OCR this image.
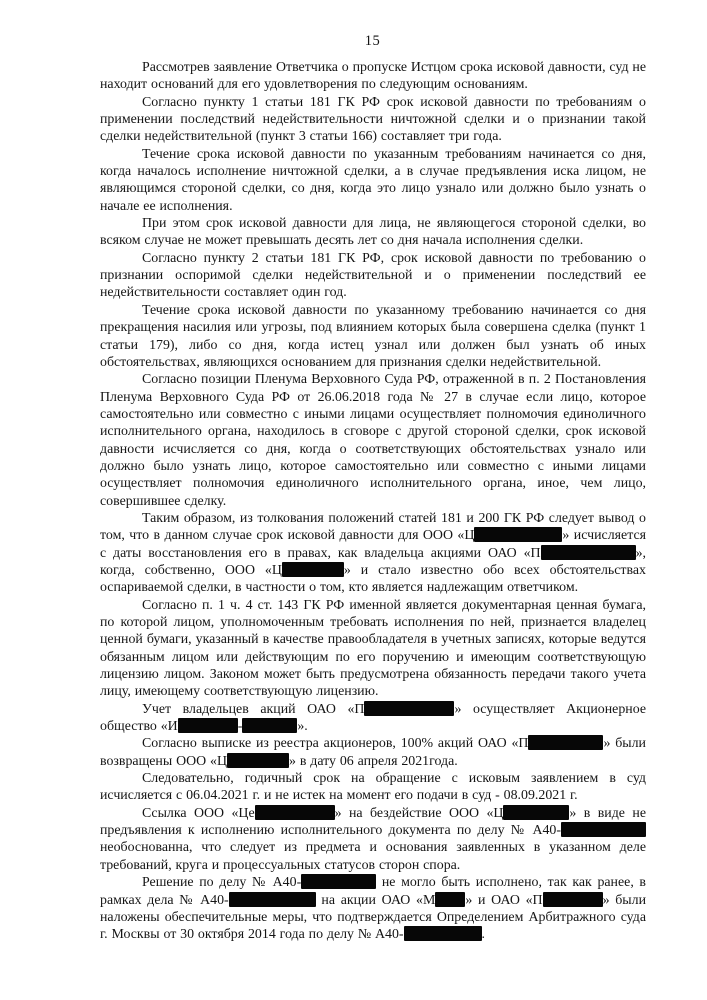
15

Рассмотрев заявление Ответчика о пропуске Истцом срока исковой давности, суд не находит оснований для его удовлетворения по следующим основаниям.

Согласно пункту 1 статьи 181 ГК РФ срок исковой давности по требованиям о применении последствий недействительности ничтожной сделки и о признании такой сделки недействительной (пункт 3 статьи 166) составляет три года.

Течение срока исковой давности по указанным требованиям начинается со дня, когда началось исполнение ничтожной сделки, а в случае предъявления иска лицом, не являющимся стороной сделки, со дня, когда это лицо узнало или должно было узнать о начале ее исполнения.

При этом срок исковой давности для лица, не являющегося стороной сделки, во всяком случае не может превышать десять лет со дня начала исполнения сделки.

Согласно пункту 2 статьи 181 ГК РФ, срок исковой давности по требованию о признании оспоримой сделки недействительной и о применении последствий ее недействительности составляет один год.

Течение срока исковой давности по указанному требованию начинается со дня прекращения насилия или угрозы, под влиянием которых была совершена сделка (пункт 1 статьи 179), либо со дня, когда истец узнал или должен был узнать об иных обстоятельствах, являющихся основанием для признания сделки недействительной.

Согласно позиции Пленума Верховного Суда РФ, отраженной в п. 2 Постановления Пленума Верховного Суда РФ от 26.06.2018 года № 27 в случае если лицо, которое самостоятельно или совместно с иными лицами осуществляет полномочия единоличного исполнительного органа, находилось в сговоре с другой стороной сделки, срок исковой давности исчисляется со дня, когда о соответствующих обстоятельствах узнало или должно было узнать лицо, которое самостоятельно или совместно с иными лицами осуществляет полномочия единоличного исполнительного органа, иное, чем лицо, совершившее сделку.

Таким образом, из толкования положений статей 181 и 200 ГК РФ следует вывод о том, что в данном случае срок исковой давности для ООО «Ц	» исчисляется с даты восстановления его в правах, как владельца акциями ОАО «П	», когда, собственно, ООО «Ц	» и стало известно обо всех обстоятельствах оспариваемой сделки, в частности о том, кто является надлежащим ответчиком.

Согласно п. 1 ч. 4 ст. 143 ГК РФ именной является документарная ценная бумага, по которой лицом, уполномоченным требовать исполнения по ней, признается владелец ценной бумаги, указанный в качестве правообладателя в учетных записях, которые ведутся обязанным лицом или действующим по его поручению и имеющим соответствующую лицензию лицом. Законом может быть предусмотрена обязанность передачи такого учета лицу, имеющему соответствующую лицензию.

Учет владельцев акций ОАО «П	» осуществляет Акционерное общество «И	-	».

Согласно выписке из реестра акционеров, 100% акций ОАО «П	» были возвращены ООО «Ц	» в дату 06 апреля 2021года.

Следовательно, годичный срок на обращение с исковым заявлением в суд исчисляется с 06.04.2021 г. и не истек на момент его подачи в суд - 08.09.2021 г.

Ссылка ООО «Це	» на бездействие ООО «Ц	» в виде не предъявления к исполнению исполнительного документа по делу № А40- необоснованна, что следует из предмета и основания заявленных в указанном деле требований, круга и процессуальных статусов сторон спора.

Решение по делу № А40-	не могло быть исполнено, так как ранее, в рамках дела № А40-	на акции ОАО «М » и ОАО «П	» были наложены обеспечительные меры, что подтверждается Определением Арбитражного суда г. Москвы от 30 октября 2014 года по делу № А40-	.
